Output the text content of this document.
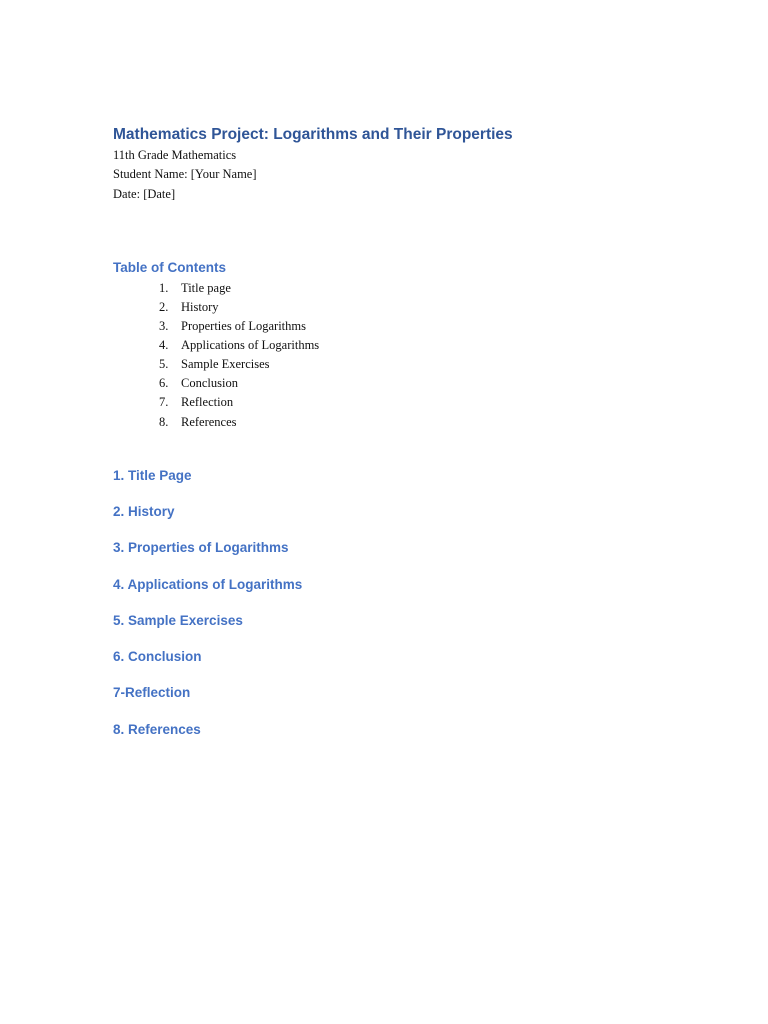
Mathematics Project: Logarithms and Their Properties

11th Grade Mathematics

Student Name: [Your Name]

Date: [Date]

Table of Contents
1.	Title page
2.	History
3.	Properties of Logarithms
4.	Applications of Logarithms
5.	Sample Exercises
6.	Conclusion
7.	Reflection
8.	References
1. Title Page
2. History
3. Properties of Logarithms
4. Applications of Logarithms
5. Sample Exercises
6. Conclusion
7-Reflection
8. References
